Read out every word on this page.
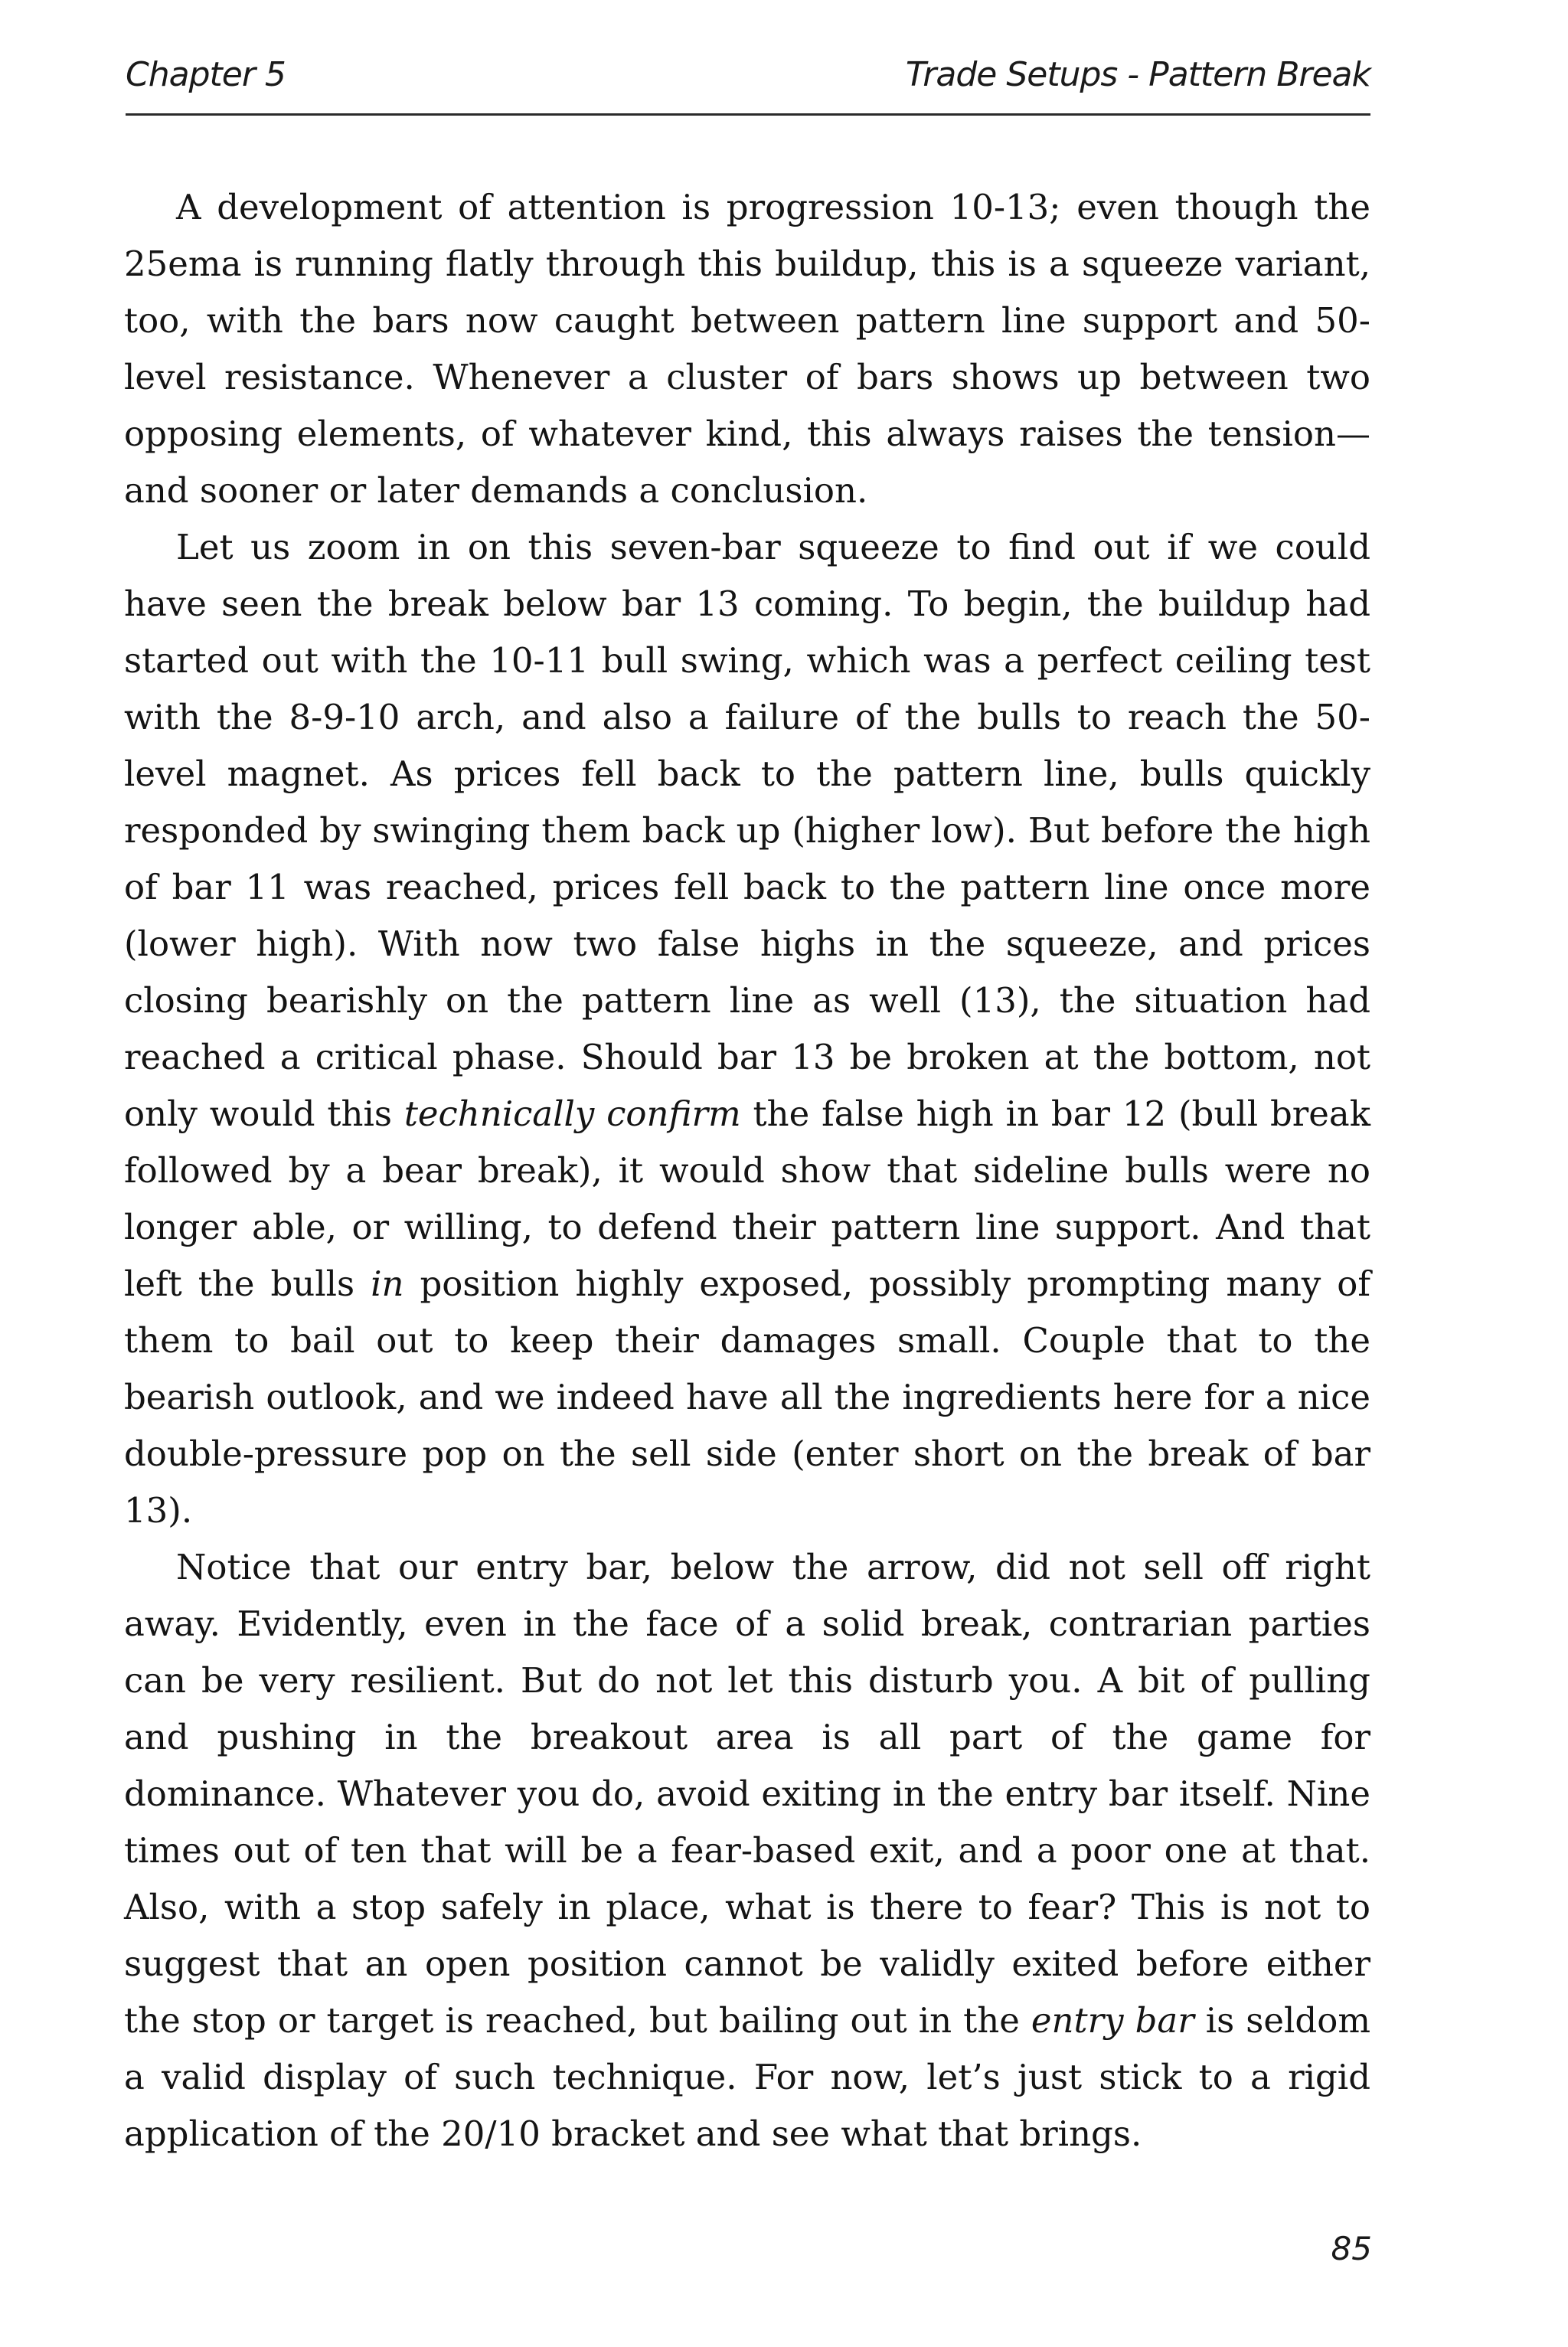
Chapter 5	Trade Setups - Pattern Break

A development of attention is progression 10-13; even though the 25ema is running flatly through this buildup, this is a squeeze variant, too, with the bars now caught between pattern line support and 50-level resistance. Whenever a cluster of bars shows up between two opposing elements, of whatever kind, this always raises the tension—and sooner or later demands a conclusion.

Let us zoom in on this seven-bar squeeze to find out if we could have seen the break below bar 13 coming. To begin, the buildup had started out with the 10-11 bull swing, which was a perfect ceiling test with the 8-9-10 arch, and also a failure of the bulls to reach the 50-level magnet. As prices fell back to the pattern line, bulls quickly responded by swinging them back up (higher low). But before the high of bar 11 was reached, prices fell back to the pattern line once more (lower high). With now two false highs in the squeeze, and prices closing bearishly on the pattern line as well (13), the situation had reached a critical phase. Should bar 13 be broken at the bottom, not only would this technically confirm the false high in bar 12 (bull break followed by a bear break), it would show that sideline bulls were no longer able, or willing, to defend their pattern line support. And that left the bulls in position highly exposed, possibly prompting many of them to bail out to keep their damages small. Couple that to the bearish outlook, and we indeed have all the ingredients here for a nice double-pressure pop on the sell side (enter short on the break of bar 13).

Notice that our entry bar, below the arrow, did not sell off right away. Evidently, even in the face of a solid break, contrarian parties can be very resilient. But do not let this disturb you. A bit of pulling and pushing in the breakout area is all part of the game for dominance. Whatever you do, avoid exiting in the entry bar itself. Nine times out of ten that will be a fear-based exit, and a poor one at that. Also, with a stop safely in place, what is there to fear? This is not to suggest that an open position cannot be validly exited before either the stop or target is reached, but bailing out in the entry bar is seldom a valid display of such technique. For now, let’s just stick to a rigid application of the 20/10 bracket and see what that brings.

85
